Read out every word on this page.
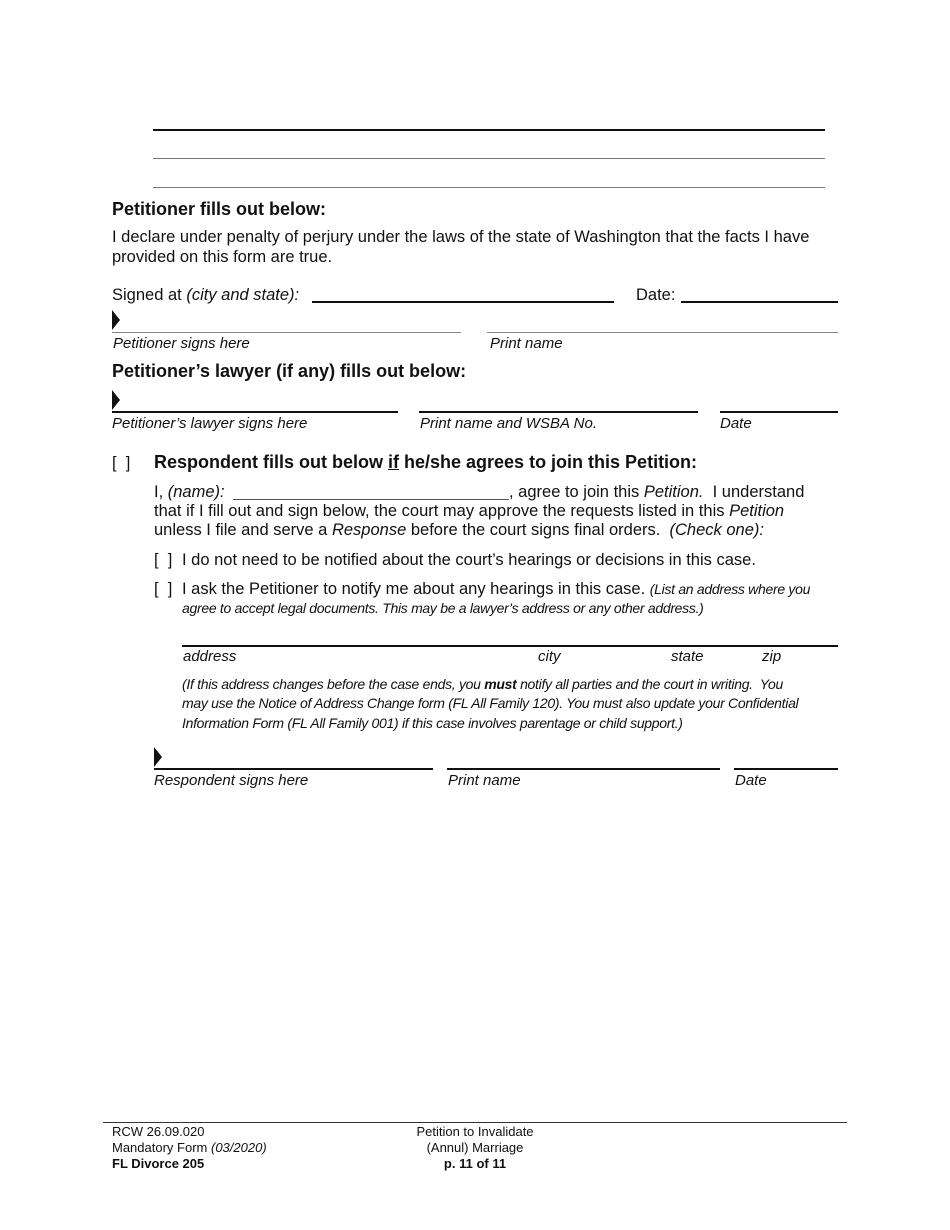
Petitioner fills out below:
I declare under penalty of perjury under the laws of the state of Washington that the facts I have provided on this form are true.
Signed at (city and state):	Date:
Petitioner signs here	Print name
Petitioner’s lawyer (if any) fills out below:
Petitioner’s lawyer signs here	Print name and WSBA No.	Date
[  ] Respondent fills out below if he/she agrees to join this Petition:
I, (name):	, agree to join this Petition. I understand
that if I fill out and sign below, the court may approve the requests listed in this Petition
unless I file and serve a Response before the court signs final orders. (Check one):
[  ] I do not need to be notified about the court’s hearings or decisions in this case.
[  ] I ask the Petitioner to notify me about any hearings in this case. (List an address where you
agree to accept legal documents. This may be a lawyer’s address or any other address.)
address	city	state	zip
(If this address changes before the case ends, you must notify all parties and the court in writing.  You
may use the Notice of Address Change form (FL All Family 120). You must also update your Confidential
Information Form (FL All Family 001) if this case involves parentage or child support.)
Respondent signs here	Print name	Date
RCW 26.09.020
Mandatory Form (03/2020)
FL Divorce 205
Petition to Invalidate
(Annul) Marriage
p. 11 of 11
